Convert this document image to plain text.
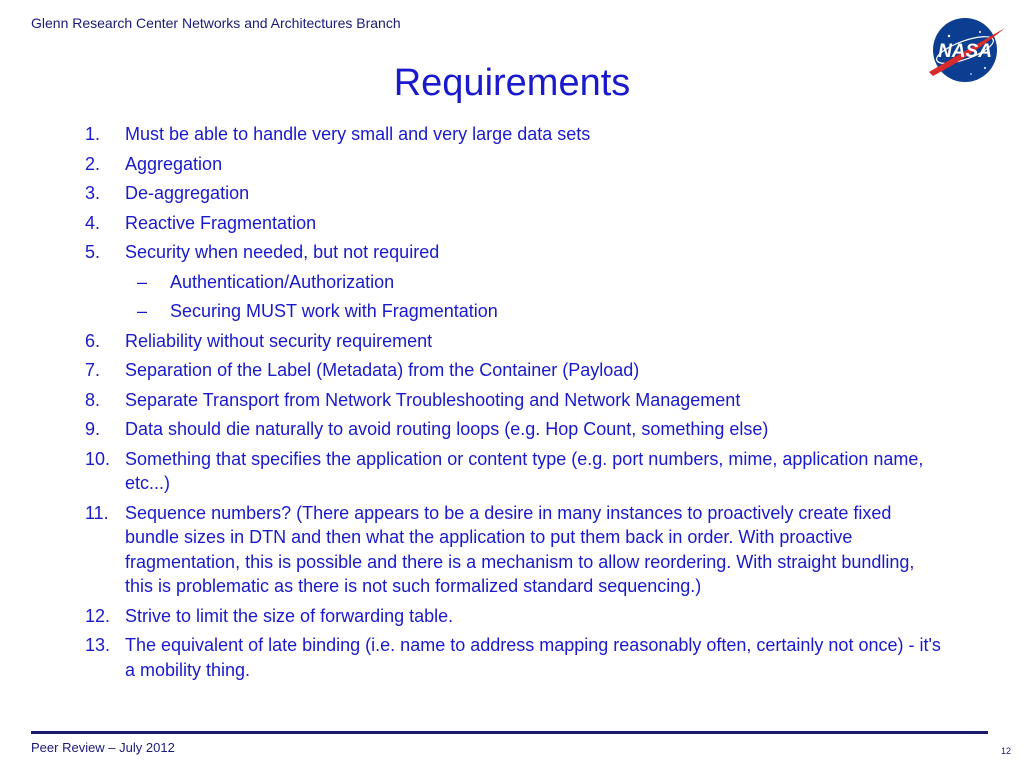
Glenn Research Center Networks and Architectures Branch
NASA
Requirements
1. Must be able to handle very small and very large data sets
2. Aggregation
3. De-aggregation
4. Reactive Fragmentation
5. Security when needed, but not required
– Authentication/Authorization
– Securing MUST work with Fragmentation
6. Reliability without security requirement
7. Separation of the Label (Metadata) from the Container (Payload)
8. Separate Transport from Network Troubleshooting and Network Management
9. Data should die naturally to avoid routing loops (e.g. Hop Count, something else)
10. Something that specifies the application or content type (e.g. port numbers, mime, application name, etc...)
11. Sequence numbers? (There appears to be a desire in many instances to proactively create fixed bundle sizes in DTN and then what the application to put them back in order. With proactive fragmentation, this is possible and there is a mechanism to allow reordering. With straight bundling, this is problematic as there is not such formalized standard sequencing.)
12. Strive to limit the size of forwarding table.
13. The equivalent of late binding (i.e. name to address mapping reasonably often, certainly not once) - it's a mobility thing.
Peer Review – July 2012	12
